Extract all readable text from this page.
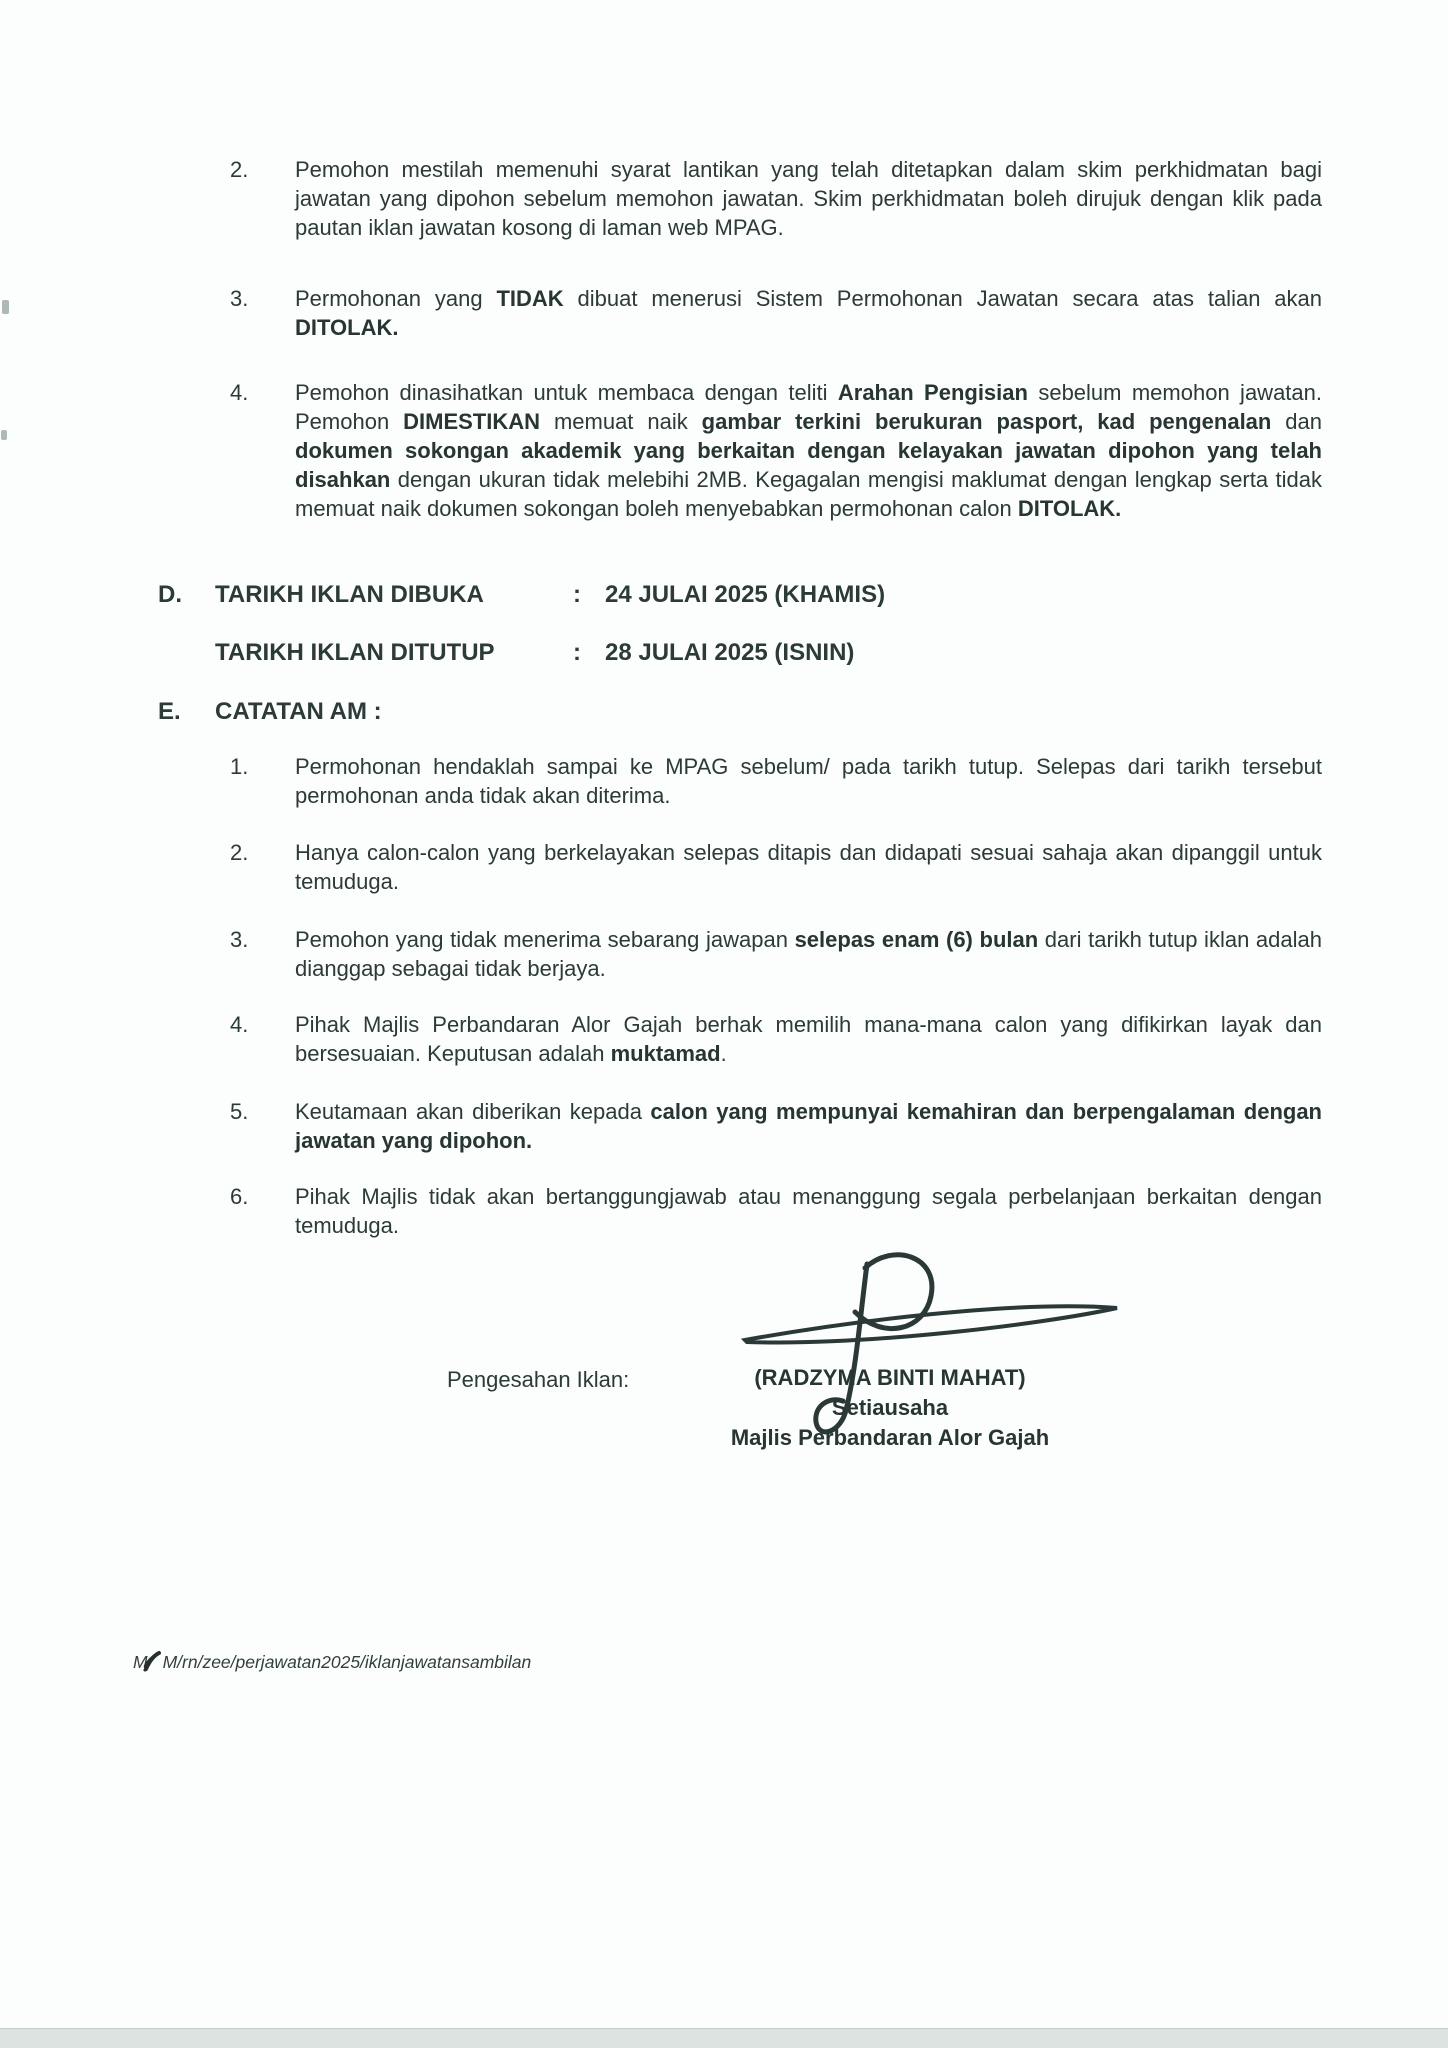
2. Pemohon mestilah memenuhi syarat lantikan yang telah ditetapkan dalam skim perkhidmatan bagi jawatan yang dipohon sebelum memohon jawatan. Skim perkhidmatan boleh dirujuk dengan klik pada pautan iklan jawatan kosong di laman web MPAG.

3. Permohonan yang TIDAK dibuat menerusi Sistem Permohonan Jawatan secara atas talian akan DITOLAK.

4. Pemohon dinasihatkan untuk membaca dengan teliti Arahan Pengisian sebelum memohon jawatan. Pemohon DIMESTIKAN memuat naik gambar terkini berukuran pasport, kad pengenalan dan dokumen sokongan akademik yang berkaitan dengan kelayakan jawatan dipohon yang telah disahkan dengan ukuran tidak melebihi 2MB. Kegagalan mengisi maklumat dengan lengkap serta tidak memuat naik dokumen sokongan boleh menyebabkan permohonan calon DITOLAK.

D. TARIKH IKLAN DIBUKA	: 24 JULAI 2025 (KHAMIS)
TARIKH IKLAN DITUTUP	: 28 JULAI 2025 (ISNIN)
E. CATATAN AM :
1. Permohonan hendaklah sampai ke MPAG sebelum/ pada tarikh tutup. Selepas dari tarikh tersebut permohonan anda tidak akan diterima.

2. Hanya calon-calon yang berkelayakan selepas ditapis dan didapati sesuai sahaja akan dipanggil untuk temuduga.

3. Pemohon yang tidak menerima sebarang jawapan selepas enam (6) bulan dari tarikh tutup iklan adalah dianggap sebagai tidak berjaya.

4. Pihak Majlis Perbandaran Alor Gajah berhak memilih mana-mana calon yang difikirkan layak dan bersesuaian. Keputusan adalah muktamad.

5. Keutamaan akan diberikan kepada calon yang mempunyai kemahiran dan berpengalaman dengan jawatan yang dipohon.

6. Pihak Majlis tidak akan bertanggungjawab atau menanggung segala perbelanjaan berkaitan dengan temuduga.

Pengesahan Iklan:	(RADZYMA BINTI MAHAT)
Setiausaha
Majlis Perbandaran Alor Gajah
M M/rn/zee/perjawatan2025/iklanjawatansambilan
